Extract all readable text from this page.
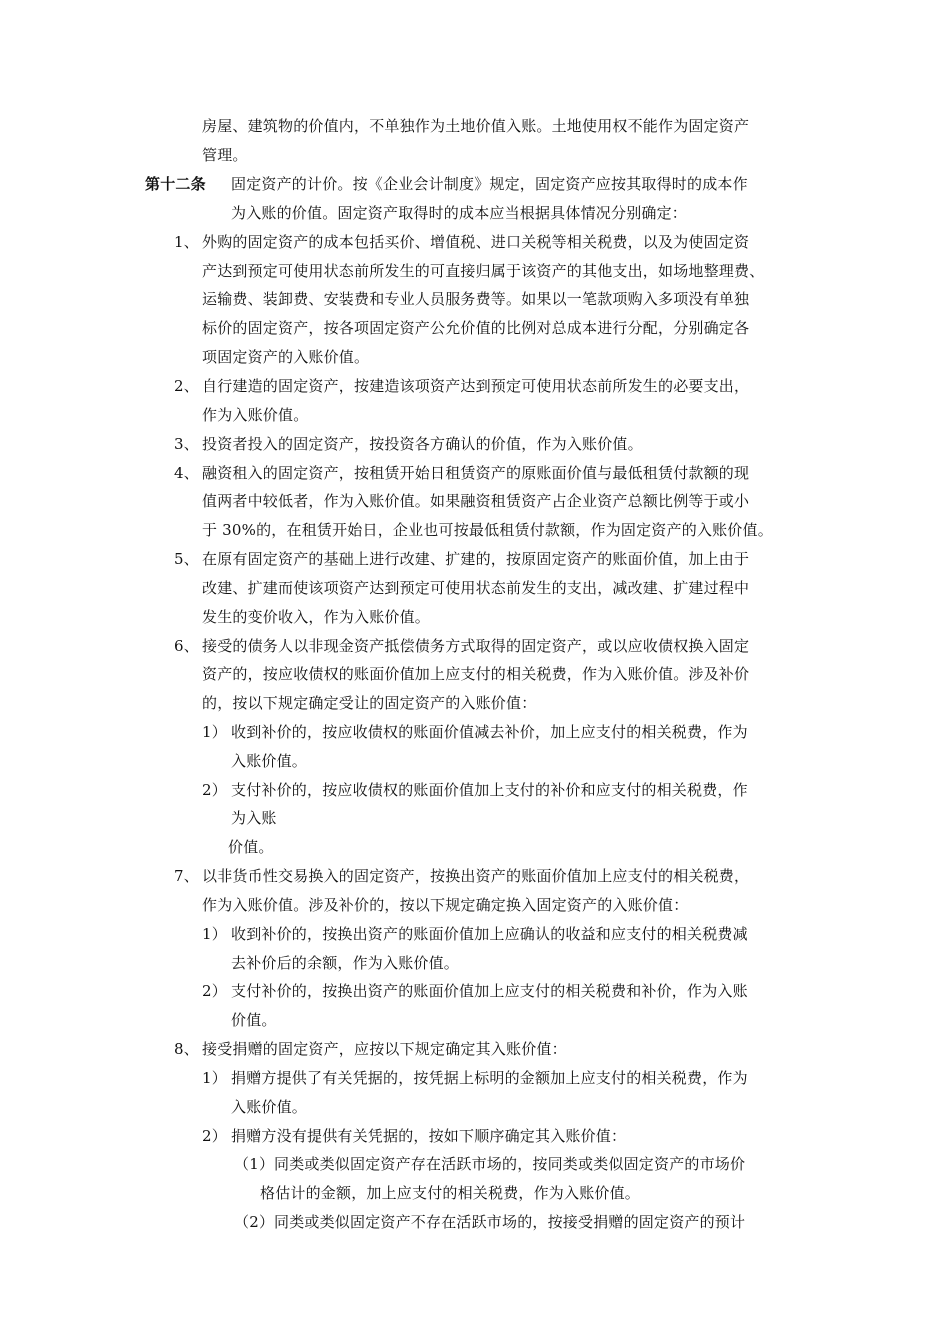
房屋、建筑物的价值内，不单独作为土地价值入账。土地使用权不能作为固定资产
管理。
第十二条 固定资产的计价。按《企业会计制度》规定，固定资产应按其取得时的成本作
为入账的价值。固定资产取得时的成本应当根据具体情况分别确定：
1、 外购的固定资产的成本包括买价、增值税、进口关税等相关税费，以及为使固定资
产达到预定可使用状态前所发生的可直接归属于该资产的其他支出，如场地整理费、
运输费、装卸费、安装费和专业人员服务费等。如果以一笔款项购入多项没有单独
标价的固定资产，按各项固定资产公允价值的比例对总成本进行分配，分别确定各
项固定资产的入账价值。
2、 自行建造的固定资产，按建造该项资产达到预定可使用状态前所发生的必要支出，
作为入账价值。
3、 投资者投入的固定资产，按投资各方确认的价值，作为入账价值。
4、 融资租入的固定资产，按租赁开始日租赁资产的原账面价值与最低租赁付款额的现
值两者中较低者，作为入账价值。如果融资租赁资产占企业资产总额比例等于或小
于 30%的，在租赁开始日，企业也可按最低租赁付款额，作为固定资产的入账价值。
5、 在原有固定资产的基础上进行改建、扩建的，按原固定资产的账面价值，加上由于
改建、扩建而使该项资产达到预定可使用状态前发生的支出，减改建、扩建过程中
发生的变价收入，作为入账价值。
6、 接受的债务人以非现金资产抵偿债务方式取得的固定资产，或以应收债权换入固定
资产的，按应收债权的账面价值加上应支付的相关税费，作为入账价值。涉及补价
的，按以下规定确定受让的固定资产的入账价值：
1） 收到补价的，按应收债权的账面价值减去补价，加上应支付的相关税费，作为
入账价值。
2） 支付补价的，按应收债权的账面价值加上支付的补价和应支付的相关税费，作
为入账
价值。
7、 以非货币性交易换入的固定资产，按换出资产的账面价值加上应支付的相关税费，
作为入账价值。涉及补价的，按以下规定确定换入固定资产的入账价值：
1） 收到补价的，按换出资产的账面价值加上应确认的收益和应支付的相关税费减
去补价后的余额，作为入账价值。
2） 支付补价的，按换出资产的账面价值加上应支付的相关税费和补价，作为入账
价值。
8、 接受捐赠的固定资产，应按以下规定确定其入账价值：
1） 捐赠方提供了有关凭据的，按凭据上标明的金额加上应支付的相关税费，作为
入账价值。
2） 捐赠方没有提供有关凭据的，按如下顺序确定其入账价值：
（1） 同类或类似固定资产存在活跃市场的，按同类或类似固定资产的市场价
格估计的金额，加上应支付的相关税费，作为入账价值。
（2） 同类或类似固定资产不存在活跃市场的，按接受捐赠的固定资产的预计
